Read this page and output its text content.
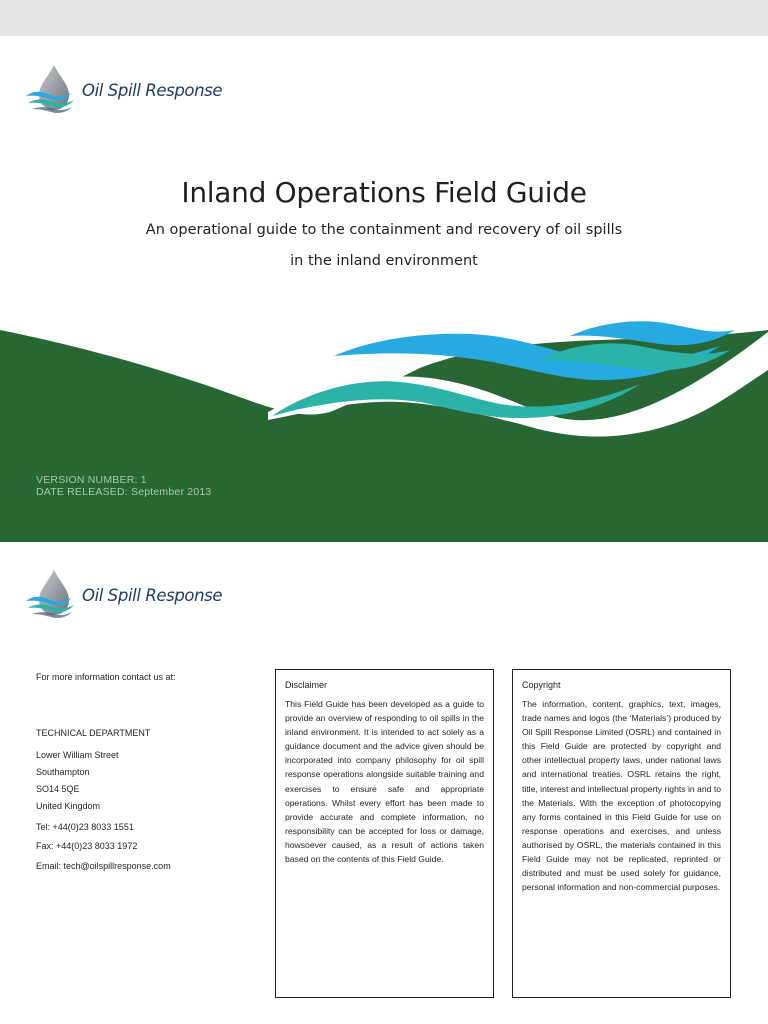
Oil Spill Response
Inland Operations Field Guide
An operational guide to the containment and recovery of oil spills
in the inland environment
VERSION NUMBER: 1
DATE RELEASED: September 2013
Oil Spill Response
For more information contact us at:
TECHNICAL DEPARTMENT
Lower William Street
Southampton
SO14 5QE
United Kingdom
Tel: +44(0)23 8033 1551
Fax: +44(0)23 8033 1972
Email: tech@oilspillresponse.com
Disclaimer
This Field Guide has been developed as a guide to provide an overview of responding to oil spills in the inland environment. It is intended to act solely as a guidance document and the advice given should be incorporated into company philosophy for oil spill response operations alongside suitable training and exercises to ensure safe and appropriate operations. Whilst every effort has been made to provide accurate and complete information, no responsibility can be accepted for loss or damage, howsoever caused, as a result of actions taken based on the contents of this Field Guide.
Copyright
The information, content, graphics, text, images, trade names and logos (the ‘Materials’) produced by Oil Spill Response Limited (OSRL) and contained in this Field Guide are protected by copyright and other intellectual property laws, under national laws and international treaties. OSRL retains the right, title, interest and intellectual property rights in and to the Materials. With the exception of photocopying any forms contained in this Field Guide for use on response operations and exercises, and unless authorised by OSRL, the materials contained in this Field Guide may not be replicated, reprinted or distributed and must be used solely for guidance, personal information and non-commercial purposes.
